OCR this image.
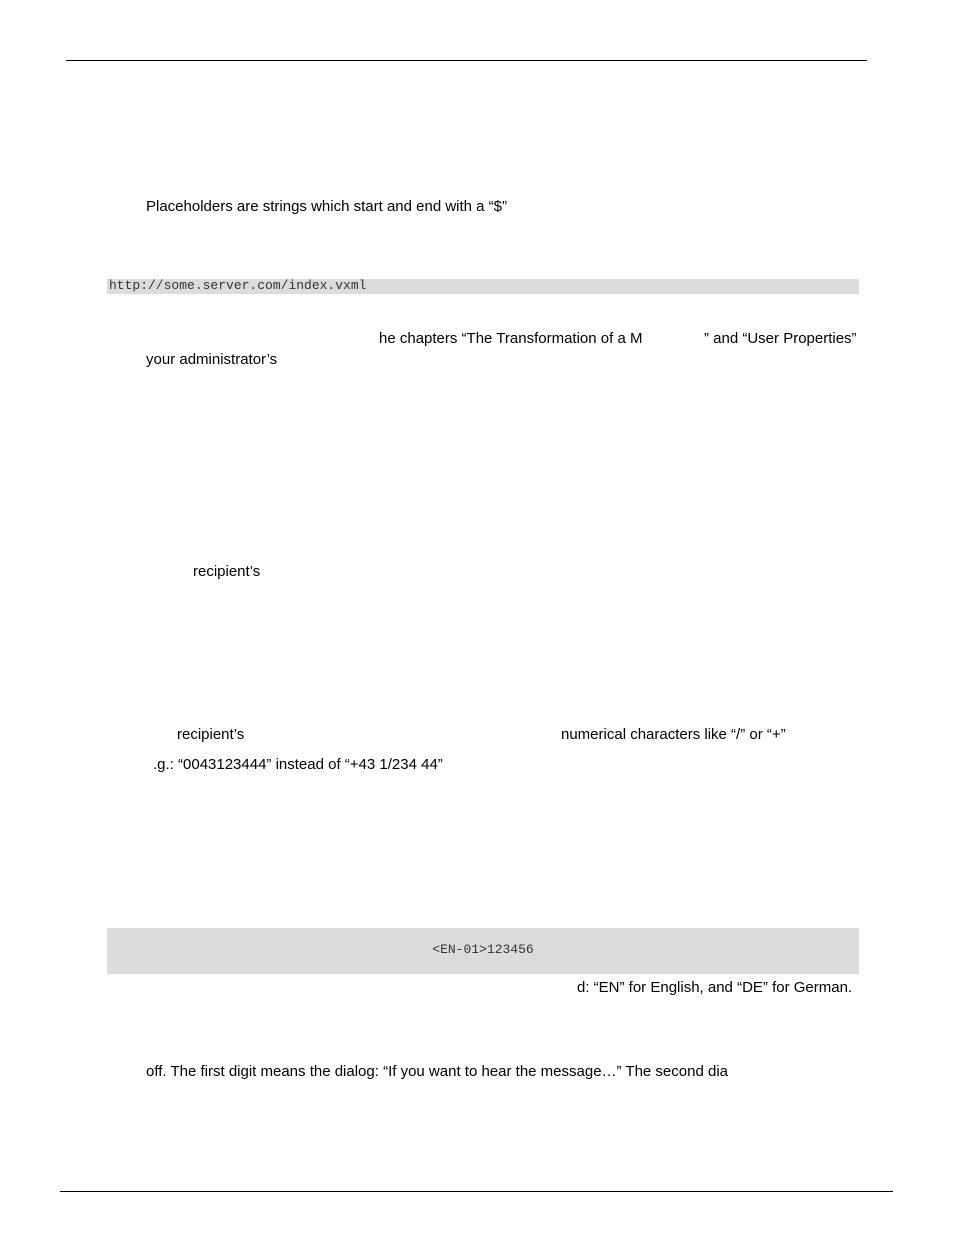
Placeholders are strings which start and end with a “$”
http://some.server.com/index.vxml
he chapters “The Transformation of a M	” and “User Properties”
your administrator’s
recipient’s
recipient’s	numerical characters like “/” or “+”
.g.: “0043123444” instead of “+43 1/234 44”
<EN-01>123456
d: “EN” for English, and “DE” for German.
off. The first digit means the dialog: “If you want to hear the message…” The second dia
